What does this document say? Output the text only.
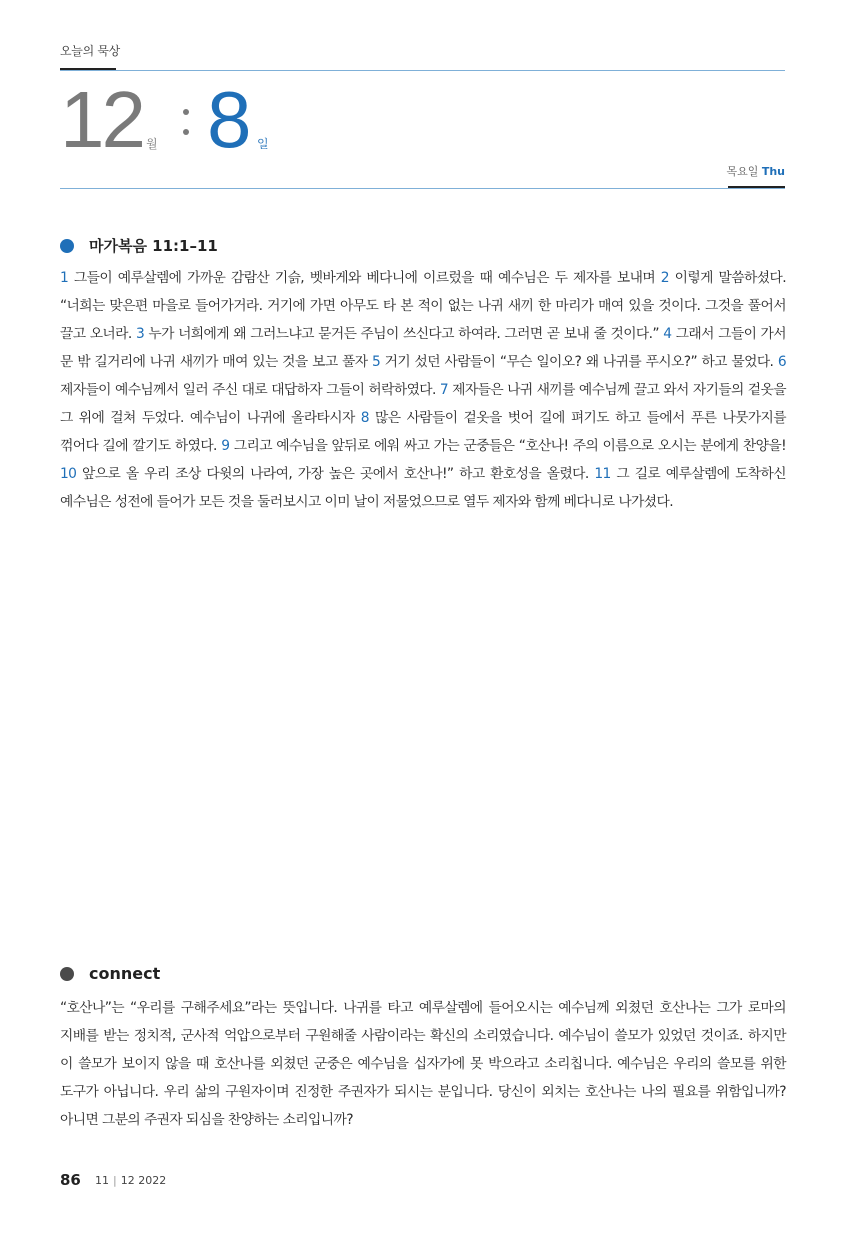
오늘의 묵상
12 월 8 일
목요일 Thu
마가복음 11:1–11
1 그들이 예루살렘에 가까운 감람산 기슭, 벳바게와 베다니에 이르렀을 때 예수님은 두 제자를 보내며 2 이렇게 말씀하셨다. “너희는 맞은편 마을로 들어가거라. 거기에 가면 아무도 타 본 적이 없는 나귀 새끼 한 마리가 매여 있을 것이다. 그것을 풀어서 끌고 오너라. 3 누가 너희에게 왜 그러느냐고 묻거든 주님이 쓰신다고 하여라. 그러면 곧 보내 줄 것이다.” 4 그래서 그들이 가서 문 밖 길거리에 나귀 새끼가 매여 있는 것을 보고 풀자 5 거기 섰던 사람들이 “무슨 일이오? 왜 나귀를 푸시오?” 하고 물었다. 6 제자들이 예수님께서 일러 주신 대로 대답하자 그들이 허락하였다. 7 제자들은 나귀 새끼를 예수님께 끌고 와서 자기들의 겉옷을 그 위에 걸쳐 두었다. 예수님이 나귀에 올라타시자 8 많은 사람들이 겉옷을 벗어 길에 펴기도 하고 들에서 푸른 나뭇가지를 꺾어다 길에 깔기도 하였다. 9 그리고 예수님을 앞뒤로 에워 싸고 가는 군중들은 “호산나! 주의 이름으로 오시는 분에게 찬양을! 10 앞으로 올 우리 조상 다윗의 나라여, 가장 높은 곳에서 호산나!” 하고 환호성을 올렸다. 11 그 길로 예루살렘에 도착하신 예수님은 성전에 들어가 모든 것을 둘러보시고 이미 날이 저물었으므로 열두 제자와 함께 베다니로 나가셨다.
connect
“호산나”는 “우리를 구해주세요”라는 뜻입니다. 나귀를 타고 예루살렘에 들어오시는 예수님께 외쳤던 호산나는 그가 로마의 지배를 받는 정치적, 군사적 억압으로부터 구원해줄 사람이라는 확신의 소리였습니다. 예수님이 쓸모가 있었던 것이죠. 하지만 이 쓸모가 보이지 않을 때 호산나를 외쳤던 군중은 예수님을 십자가에 못 박으라고 소리칩니다. 예수님은 우리의 쓸모를 위한 도구가 아닙니다. 우리 삶의 구원자이며 진정한 주권자가 되시는 분입니다. 당신이 외치는 호산나는 나의 필요를 위함입니까? 아니면 그분의 주권자 되심을 찬양하는 소리입니까?
86 11 | 12 2022
